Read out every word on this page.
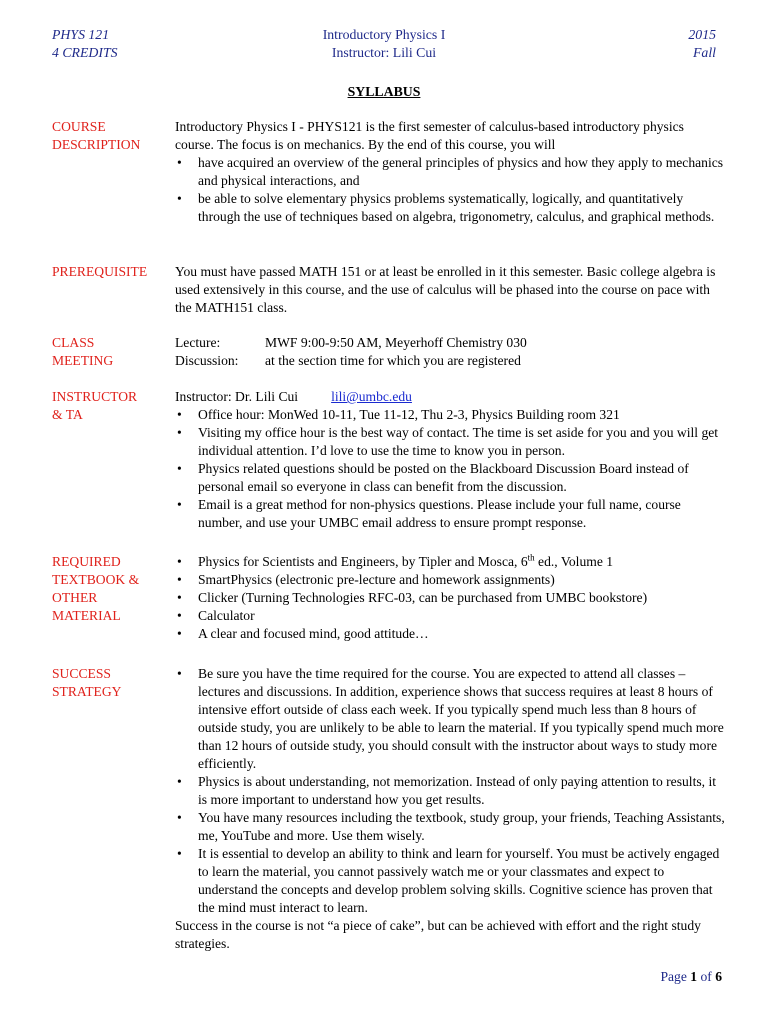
PHYS 121
4 CREDITS
Introductory Physics I
Instructor: Lili Cui
2015
Fall
SYLLABUS
COURSE
DESCRIPTION

Introductory Physics I - PHYS121 is the first semester of calculus-based introductory physics course. The focus is on mechanics. By the end of this course, you will

• have acquired an overview of the general principles of physics and how they apply to mechanics and physical interactions, and
• be able to solve elementary physics problems systematically, logically, and quantitatively through the use of techniques based on algebra, trigonometry, calculus, and graphical methods.
PREREQUISITE	You must have passed MATH 151 or at least be enrolled in it this semester. Basic college algebra is used extensively in this course, and the use of calculus will be phased into the course on pace with the MATH151 class.

CLASS
MEETING
Lecture:	MWF 9:00-9:50 AM, Meyerhoff Chemistry 030
Discussion:	at the section time for which you are registered
INSTRUCTOR
& TA

Instructor: Dr. Lili Cui lili@umbc.edu

• Office hour: MonWed 10-11, Tue 11-12, Thu 2-3, Physics Building room 321
• Visiting my office hour is the best way of contact. The time is set aside for you and you will get individual attention. I’d love to use the time to know you in person.
• Physics related questions should be posted on the Blackboard Discussion Board instead of personal email so everyone in class can benefit from the discussion.
• Email is a great method for non-physics questions. Please include your full name, course number, and use your UMBC email address to ensure prompt response.
REQUIRED
TEXTBOOK &
OTHER
MATERIAL
• Physics for Scientists and Engineers, by Tipler and Mosca, 6th ed., Volume 1
• SmartPhysics (electronic pre-lecture and homework assignments)
• Clicker (Turning Technologies RFC-03, can be purchased from UMBC bookstore)
• Calculator
• A clear and focused mind, good attitude…
SUCCESS
STRATEGY
• Be sure you have the time required for the course. You are expected to attend all classes – lectures and discussions. In addition, experience shows that success requires at least 8 hours of intensive effort outside of class each week. If you typically spend much less than 8 hours of outside study, you are unlikely to be able to learn the material. If you typically spend much more than 12 hours of outside study, you should consult with the instructor about ways to study more efficiently.
• Physics is about understanding, not memorization. Instead of only paying attention to results, it is more important to understand how you get results.
• You have many resources including the textbook, study group, your friends, Teaching Assistants, me, YouTube and more. Use them wisely.
• It is essential to develop an ability to think and learn for yourself. You must be actively engaged to learn the material, you cannot passively watch me or your classmates and expect to understand the concepts and develop problem solving skills. Cognitive science has proven that the mind must interact to learn.

Success in the course is not “a piece of cake”, but can be achieved with effort and the right study strategies.

Page 1 of 6
